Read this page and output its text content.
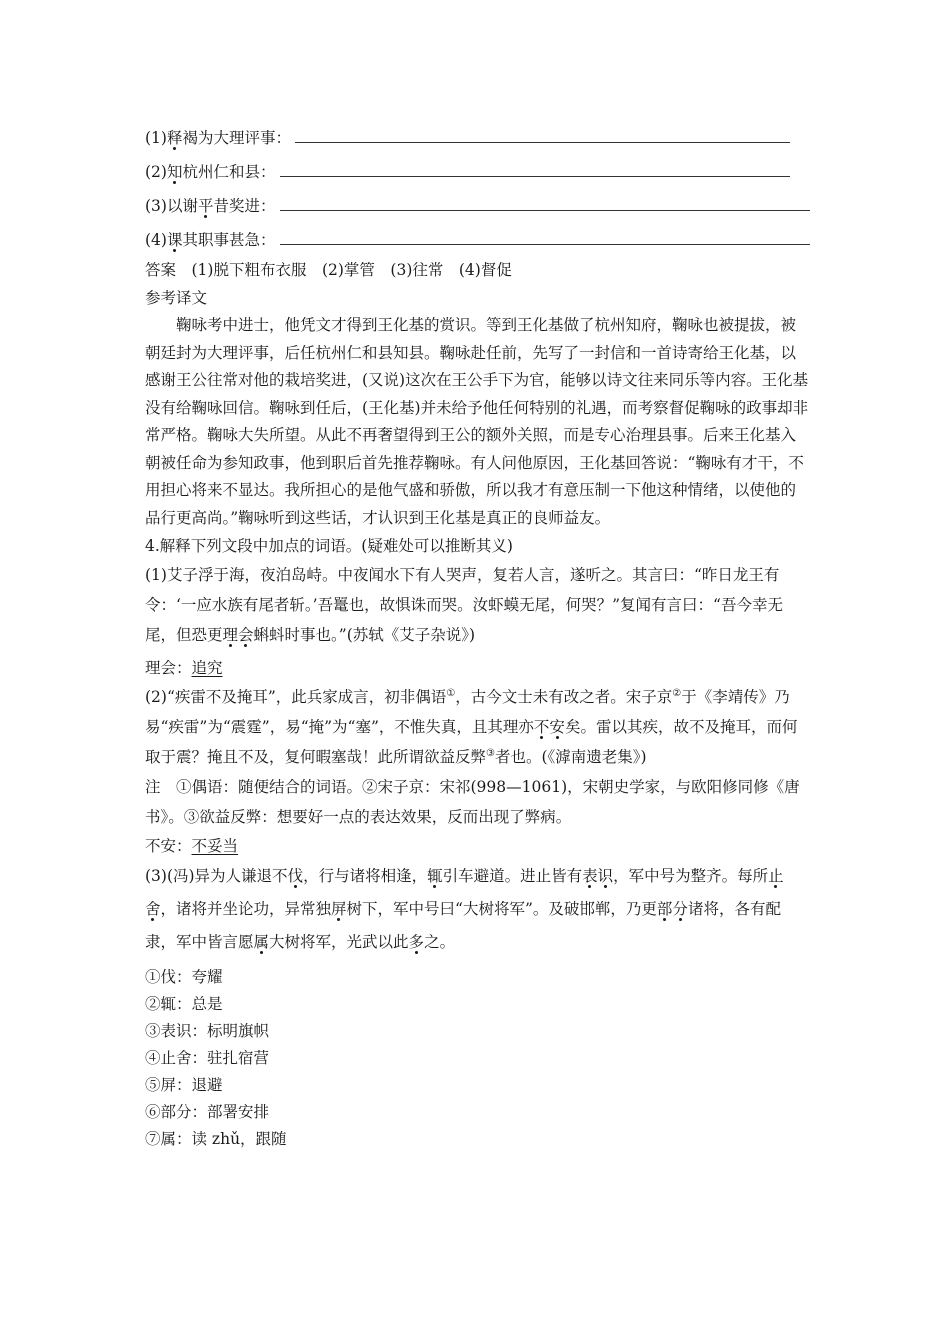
(1)释褐为大理评事：
(2)知杭州仁和县：
(3)以谢平昔奖进：
(4)课其职事甚急：

答案　(1)脱下粗布衣服　(2)掌管　(3)往常　(4)督促

参考译文

鞠咏考中进士，他凭文才得到王化基的赏识。等到王化基做了杭州知府，鞠咏也被提拔，被朝廷封为大理评事，后任杭州仁和县知县。鞠咏赴任前，先写了一封信和一首诗寄给王化基，以感谢王公往常对他的栽培奖进，(又说)这次在王公手下为官，能够以诗文往来同乐等内容。王化基没有给鞠咏回信。鞠咏到任后，(王化基)并未给予他任何特别的礼遇，而考察督促鞠咏的政事却非常严格。鞠咏大失所望。从此不再奢望得到王公的额外关照，而是专心治理县事。后来王化基入朝被任命为参知政事，他到职后首先推荐鞠咏。有人问他原因，王化基回答说：“鞠咏有才干，不用担心将来不显达。我所担心的是他气盛和骄傲，所以我才有意压制一下他这种情绪，以使他的品行更高尚。”鞠咏听到这些话，才认识到王化基是真正的良师益友。

4.解释下列文段中加点的词语。(疑难处可以推断其义)

(1)艾子浮于海，夜泊岛峙。中夜闻水下有人哭声，复若人言，遂听之。其言曰：“昨日龙王有令：‘一应水族有尾者斩。’吾鼍也，故惧诛而哭。汝虾蟆无尾，何哭？”复闻有言曰：“吾今幸无尾，但恐更理会蝌蚪时事也。”(苏轼《艾子杂说》)

理会：追究

(2)“疾雷不及掩耳”，此兵家成言，初非偶语①，古今文士未有改之者。宋子京②于《李靖传》乃易“疾雷”为“震霆”，易“掩”为“塞”，不惟失真，且其理亦不安矣。雷以其疾，故不及掩耳，而何取于震？掩且不及，复何暇塞哉！此所谓欲益反弊③者也。(《滹南遗老集》)

注　①偶语：随便结合的词语。②宋子京：宋祁(998—1061)，宋朝史学家，与欧阳修同修《唐书》。③欲益反弊：想要好一点的表达效果，反而出现了弊病。

不安：不妥当

(3)(冯)异为人谦退不伐，行与诸将相逢，辄引车避道。进止皆有表识，军中号为整齐。每所止舍，诸将并坐论功，异常独屏树下，军中号曰“大树将军”。及破邯郸，乃更部分诸将，各有配隶，军中皆言愿属大树将军，光武以此多之。

①伐：夸耀
②辄：总是
③表识：标明旗帜
④止舍：驻扎宿营
⑤屏：退避
⑥部分：部署安排
⑦属：读 zhǔ，跟随
